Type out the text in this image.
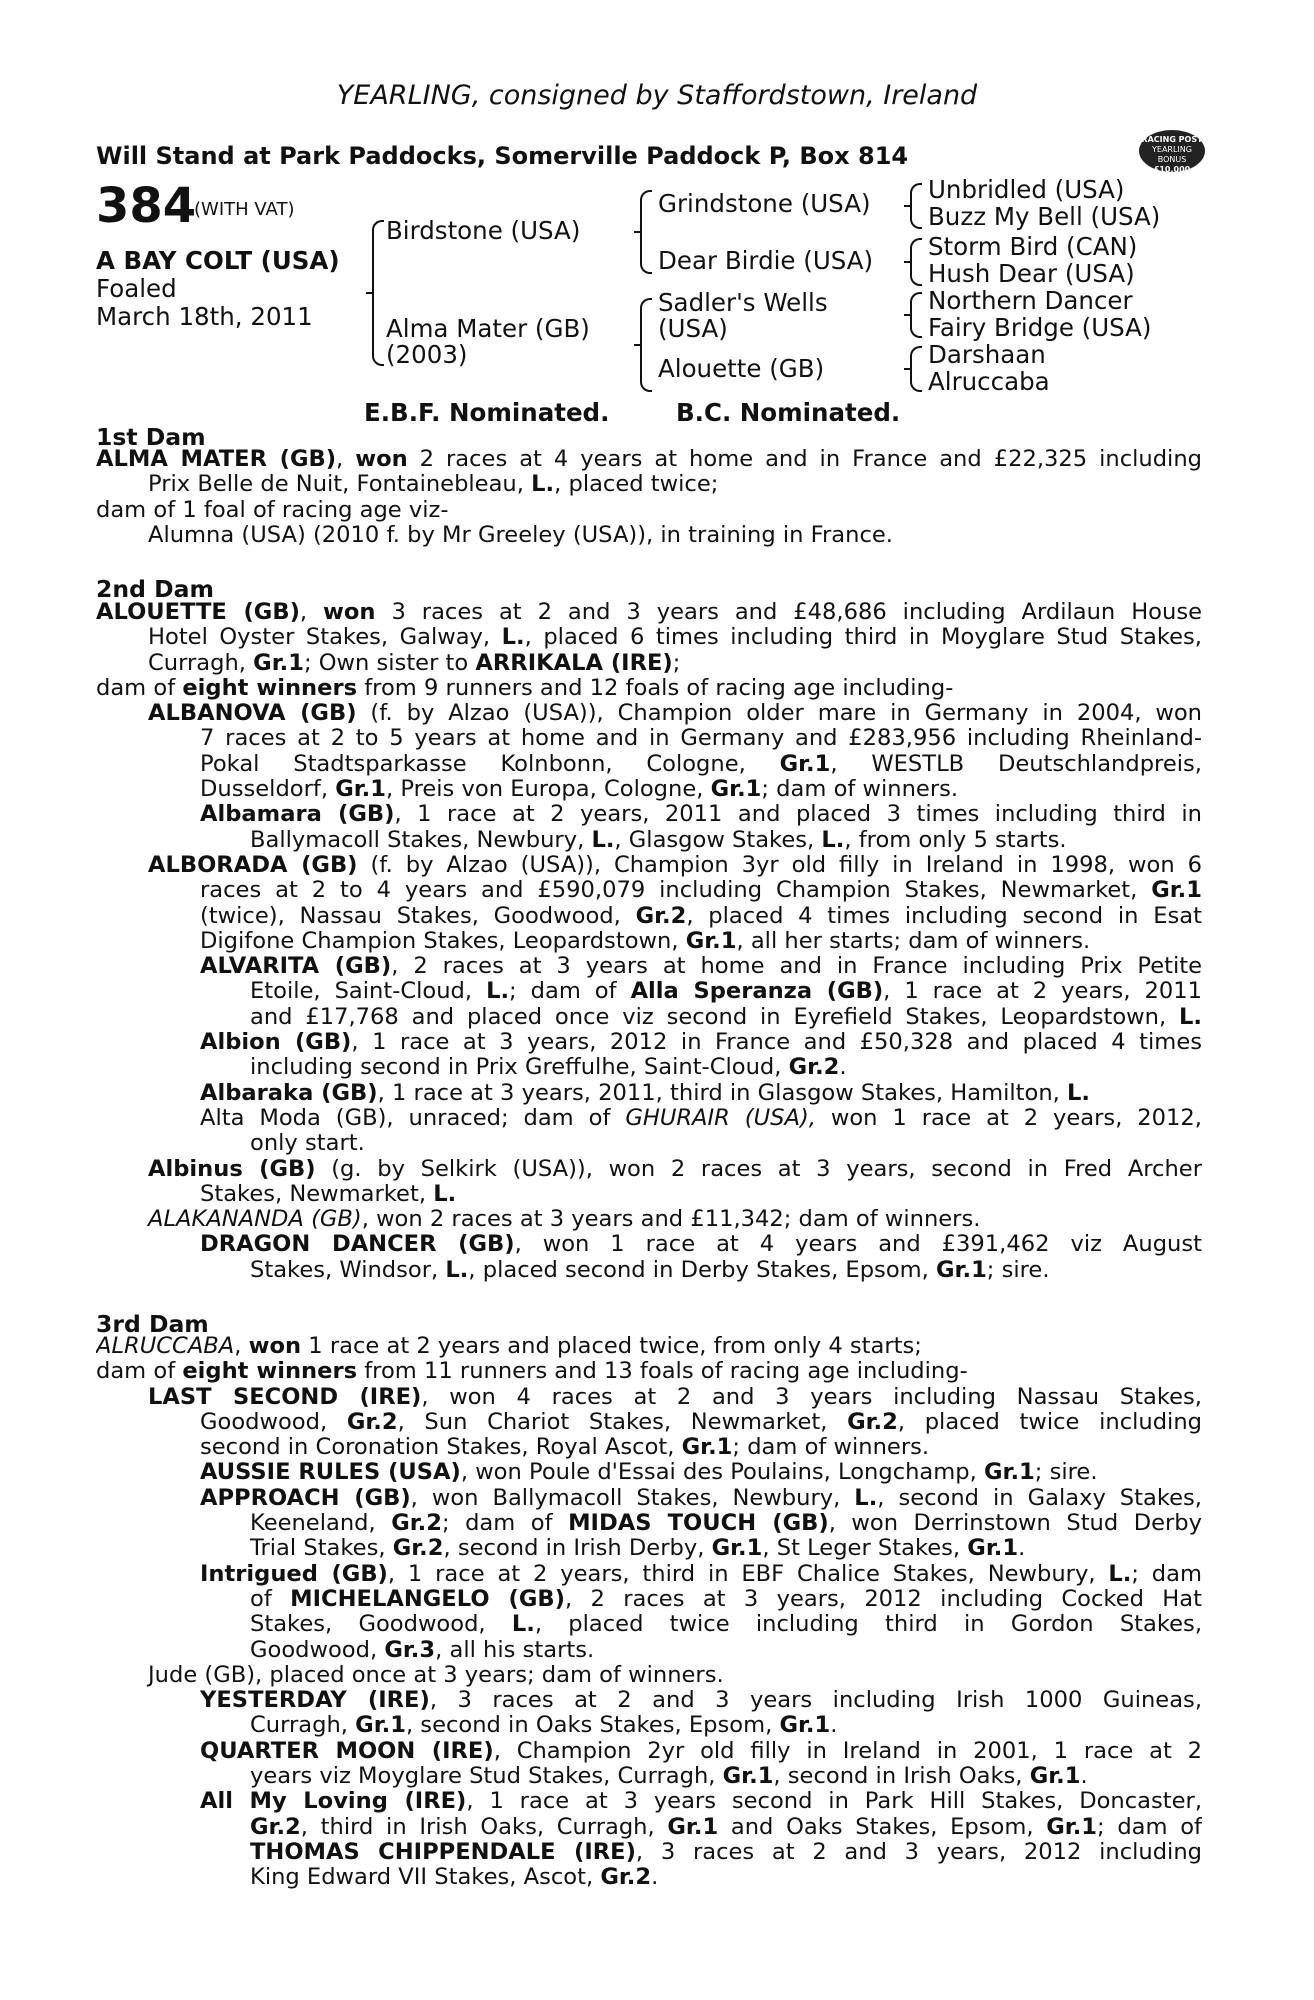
YEARLING, consigned by Staffordstown, Ireland
Will Stand at Park Paddocks, Somerville Paddock P, Box 814
RACING POST
YEARLING BONUS
£10,000
384
(WITH VAT)
A BAY COLT (USA)
Foaled
March 18th, 2011
Birdstone (USA)
Alma Mater (GB)
(2003)
Grindstone (USA)
Dear Birdie (USA)
Sadler's Wells
(USA)
Alouette (GB)
Unbridled (USA)
Buzz My Bell (USA)
Storm Bird (CAN)
Hush Dear (USA)
Northern Dancer
Fairy Bridge (USA)
Darshaan
Alruccaba
E.B.F. Nominated.	B.C. Nominated.
1st Dam
ALMA MATER (GB), won 2 races at 4 years at home and in France and £22,325 including
Prix Belle de Nuit, Fontainebleau, L., placed twice;
dam of 1 foal of racing age viz-
Alumna (USA) (2010 f. by Mr Greeley (USA)), in training in France.
2nd Dam
ALOUETTE (GB), won 3 races at 2 and 3 years and £48,686 including Ardilaun House
Hotel Oyster Stakes, Galway, L., placed 6 times including third in Moyglare Stud Stakes,
Curragh, Gr.1; Own sister to ARRIKALA (IRE);
dam of eight winners from 9 runners and 12 foals of racing age including-
ALBANOVA (GB) (f. by Alzao (USA)), Champion older mare in Germany in 2004, won
7 races at 2 to 5 years at home and in Germany and £283,956 including Rheinland-
Pokal Stadtsparkasse Kolnbonn, Cologne, Gr.1, WESTLB Deutschlandpreis,
Dusseldorf, Gr.1, Preis von Europa, Cologne, Gr.1; dam of winners.
Albamara (GB), 1 race at 2 years, 2011 and placed 3 times including third in
Ballymacoll Stakes, Newbury, L., Glasgow Stakes, L., from only 5 starts.
ALBORADA (GB) (f. by Alzao (USA)), Champion 3yr old filly in Ireland in 1998, won 6
races at 2 to 4 years and £590,079 including Champion Stakes, Newmarket, Gr.1
(twice), Nassau Stakes, Goodwood, Gr.2, placed 4 times including second in Esat
Digifone Champion Stakes, Leopardstown, Gr.1, all her starts; dam of winners.
ALVARITA (GB), 2 races at 3 years at home and in France including Prix Petite
Etoile, Saint-Cloud, L.; dam of Alla Speranza (GB), 1 race at 2 years, 2011
and £17,768 and placed once viz second in Eyrefield Stakes, Leopardstown, L.
Albion (GB), 1 race at 3 years, 2012 in France and £50,328 and placed 4 times
including second in Prix Greffulhe, Saint-Cloud, Gr.2.
Albaraka (GB), 1 race at 3 years, 2011, third in Glasgow Stakes, Hamilton, L.
Alta Moda (GB), unraced; dam of GHURAIR (USA), won 1 race at 2 years, 2012,
only start.
Albinus (GB) (g. by Selkirk (USA)), won 2 races at 3 years, second in Fred Archer
Stakes, Newmarket, L.
ALAKANANDA (GB), won 2 races at 3 years and £11,342; dam of winners.
DRAGON DANCER (GB), won 1 race at 4 years and £391,462 viz August
Stakes, Windsor, L., placed second in Derby Stakes, Epsom, Gr.1; sire.
3rd Dam
ALRUCCABA, won 1 race at 2 years and placed twice, from only 4 starts;
dam of eight winners from 11 runners and 13 foals of racing age including-
LAST SECOND (IRE), won 4 races at 2 and 3 years including Nassau Stakes,
Goodwood, Gr.2, Sun Chariot Stakes, Newmarket, Gr.2, placed twice including
second in Coronation Stakes, Royal Ascot, Gr.1; dam of winners.
AUSSIE RULES (USA), won Poule d'Essai des Poulains, Longchamp, Gr.1; sire.
APPROACH (GB), won Ballymacoll Stakes, Newbury, L., second in Galaxy Stakes,
Keeneland, Gr.2; dam of MIDAS TOUCH (GB), won Derrinstown Stud Derby
Trial Stakes, Gr.2, second in Irish Derby, Gr.1, St Leger Stakes, Gr.1.
Intrigued (GB), 1 race at 2 years, third in EBF Chalice Stakes, Newbury, L.; dam
of MICHELANGELO (GB), 2 races at 3 years, 2012 including Cocked Hat
Stakes, Goodwood, L., placed twice including third in Gordon Stakes,
Goodwood, Gr.3, all his starts.
Jude (GB), placed once at 3 years; dam of winners.
YESTERDAY (IRE), 3 races at 2 and 3 years including Irish 1000 Guineas,
Curragh, Gr.1, second in Oaks Stakes, Epsom, Gr.1.
QUARTER MOON (IRE), Champion 2yr old filly in Ireland in 2001, 1 race at 2
years viz Moyglare Stud Stakes, Curragh, Gr.1, second in Irish Oaks, Gr.1.
All My Loving (IRE), 1 race at 3 years second in Park Hill Stakes, Doncaster,
Gr.2, third in Irish Oaks, Curragh, Gr.1 and Oaks Stakes, Epsom, Gr.1; dam of
THOMAS CHIPPENDALE (IRE), 3 races at 2 and 3 years, 2012 including
King Edward VII Stakes, Ascot, Gr.2.
